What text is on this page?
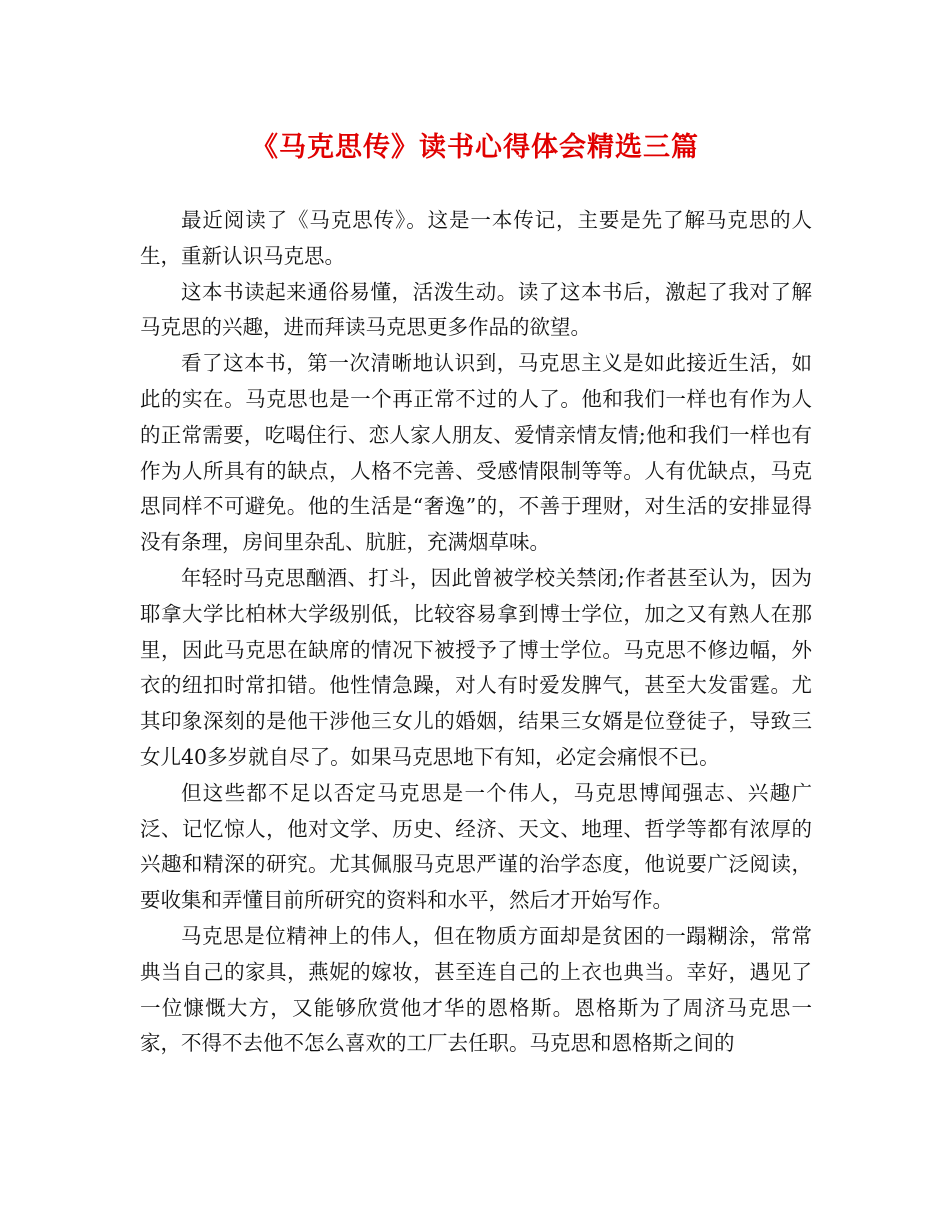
《马克思传》读书心得体会精选三篇

最近阅读了《马克思传》。这是一本传记，主要是先了解马克思的人生，重新认识马克思。

这本书读起来通俗易懂，活泼生动。读了这本书后，激起了我对了解马克思的兴趣，进而拜读马克思更多作品的欲望。

看了这本书，第一次清晰地认识到，马克思主义是如此接近生活，如此的实在。马克思也是一个再正常不过的人了。他和我们一样也有作为人的正常需要，吃喝住行、恋人家人朋友、爱情亲情友情;他和我们一样也有作为人所具有的缺点，人格不完善、受感情限制等等。人有优缺点，马克思同样不可避免。他的生活是“奢逸”的，不善于理财，对生活的安排显得没有条理，房间里杂乱、肮脏，充满烟草味。

年轻时马克思酗酒、打斗，因此曾被学校关禁闭;作者甚至认为，因为耶拿大学比柏林大学级别低，比较容易拿到博士学位，加之又有熟人在那里，因此马克思在缺席的情况下被授予了博士学位。马克思不修边幅，外衣的纽扣时常扣错。他性情急躁，对人有时爱发脾气，甚至大发雷霆。尤其印象深刻的是他干涉他三女儿的婚姻，结果三女婿是位登徒子，导致三女儿40多岁就自尽了。如果马克思地下有知，必定会痛恨不已。

但这些都不足以否定马克思是一个伟人，马克思博闻强志、兴趣广泛、记忆惊人，他对文学、历史、经济、天文、地理、哲学等都有浓厚的兴趣和精深的研究。尤其佩服马克思严谨的治学态度，他说要广泛阅读，要收集和弄懂目前所研究的资料和水平，然后才开始写作。

马克思是位精神上的伟人，但在物质方面却是贫困的一蹋糊涂，常常典当自己的家具，燕妮的嫁妆，甚至连自己的上衣也典当。幸好，遇见了一位慷慨大方，又能够欣赏他才华的恩格斯。恩格斯为了周济马克思一家，不得不去他不怎么喜欢的工厂去任职。马克思和恩格斯之间的
